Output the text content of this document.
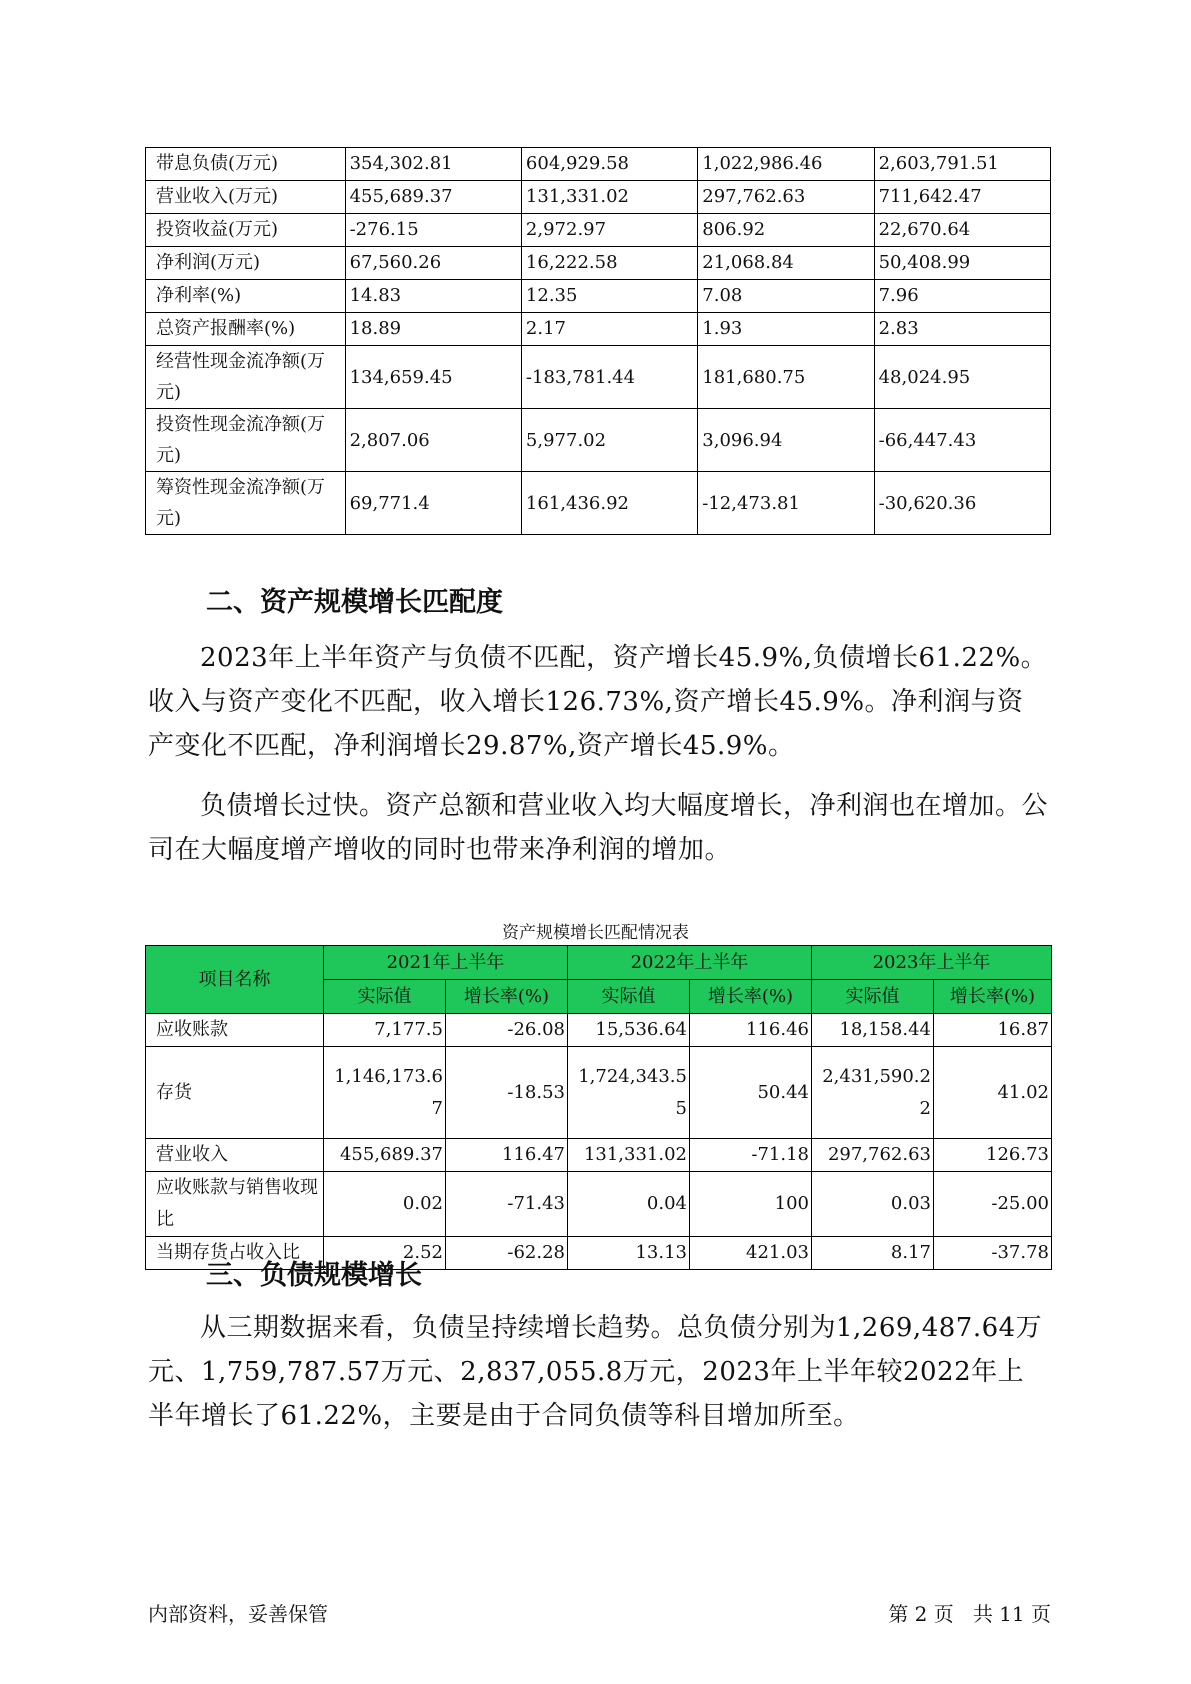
带息负债(万元)	354,302.81	604,929.58	1,022,986.46	2,603,791.51
营业收入(万元)	455,689.37	131,331.02	297,762.63	711,642.47
投资收益(万元)	-276.15	2,972.97	806.92	22,670.64
净利润(万元)	67,560.26	16,222.58	21,068.84	50,408.99
净利率(%)	14.83	12.35	7.08	7.96
总资产报酬率(%)	18.89	2.17	1.93	2.83
经营性现金流净额(万元)	134,659.45	-183,781.44	181,680.75	48,024.95
投资性现金流净额(万元)	2,807.06	5,977.02	3,096.94	-66,447.43
筹资性现金流净额(万元)	69,771.4	161,436.92	-12,473.81	-30,620.36
二、资产规模增长匹配度

2023年上半年资产与负债不匹配，资产增长45.9%,负债增长61.22%。收入与资产变化不匹配，收入增长126.73%,资产增长45.9%。净利润与资产变化不匹配，净利润增长29.87%,资产增长45.9%。

负债增长过快。资产总额和营业收入均大幅度增长，净利润也在增加。公司在大幅度增产增收的同时也带来净利润的增加。

资产规模增长匹配情况表
项目名称	2021年上半年		2022年上半年		2023年上半年	
	实际值	增长率(%)	实际值	增长率(%)	实际值	增长率(%)
应收账款	7,177.5	-26.08	15,536.64	116.46	18,158.44	16.87
存货	1,146,173.67	-18.53	1,724,343.55	50.44	2,431,590.22	41.02
营业收入	455,689.37	116.47	131,331.02	-71.18	297,762.63	126.73
应收账款与销售收现比	0.02	-71.43	0.04	100	0.03	-25.00
当期存货占收入比	2.52	-62.28	13.13	421.03	8.17	-37.78
三、负债规模增长

从三期数据来看，负债呈持续增长趋势。总负债分别为1,269,487.64万元、1,759,787.57万元、2,837,055.8万元，2023年上半年较2022年上半年增长了61.22%，主要是由于合同负债等科目增加所至。

内部资料，妥善保管	第 2 页   共 11 页
